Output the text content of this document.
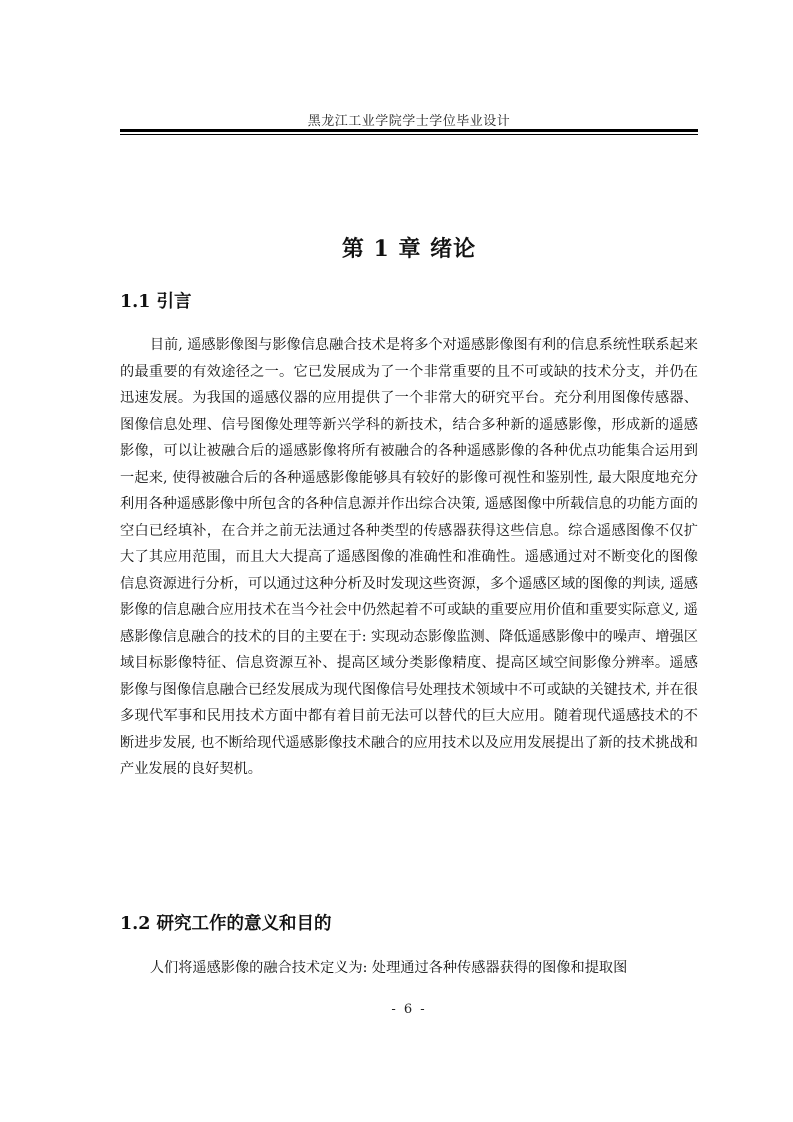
黑龙江工业学院学士学位毕业设计
第 1 章 绪论
1.1 引言

目前, 遥感影像图与影像信息融合技术是将多个对遥感影像图有利的信息系统性联系起来的最重要的有效途径之一。它已发展成为了一个非常重要的且不可或缺的技术分支，并仍在迅速发展。为我国的遥感仪器的应用提供了一个非常大的研究平台。充分利用图像传感器、图像信息处理、信号图像处理等新兴学科的新技术，结合多种新的遥感影像，形成新的遥感影像，可以让被融合后的遥感影像将所有被融合的各种遥感影像的各种优点功能集合运用到一起来, 使得被融合后的各种遥感影像能够具有较好的影像可视性和鉴别性, 最大限度地充分利用各种遥感影像中所包含的各种信息源并作出综合决策, 遥感图像中所载信息的功能方面的空白已经填补，在合并之前无法通过各种类型的传感器获得这些信息。综合遥感图像不仅扩大了其应用范围，而且大大提高了遥感图像的准确性和准确性。遥感通过对不断变化的图像信息资源进行分析，可以通过这种分析及时发现这些资源，多个遥感区域的图像的判读, 遥感影像的信息融合应用技术在当今社会中仍然起着不可或缺的重要应用价值和重要实际意义, 遥感影像信息融合的技术的目的主要在于: 实现动态影像监测、降低遥感影像中的噪声、增强区域目标影像特征、信息资源互补、提高区域分类影像精度、提高区域空间影像分辨率。遥感影像与图像信息融合已经发展成为现代图像信号处理技术领域中不可或缺的关键技术, 并在很多现代军事和民用技术方面中都有着目前无法可以替代的巨大应用。随着现代遥感技术的不断进步发展, 也不断给现代遥感影像技术融合的应用技术以及应用发展提出了新的技术挑战和产业发展的良好契机。

1.2 研究工作的意义和目的

人们将遥感影像的融合技术定义为: 处理通过各种传感器获得的图像和提取图

- 6 -
